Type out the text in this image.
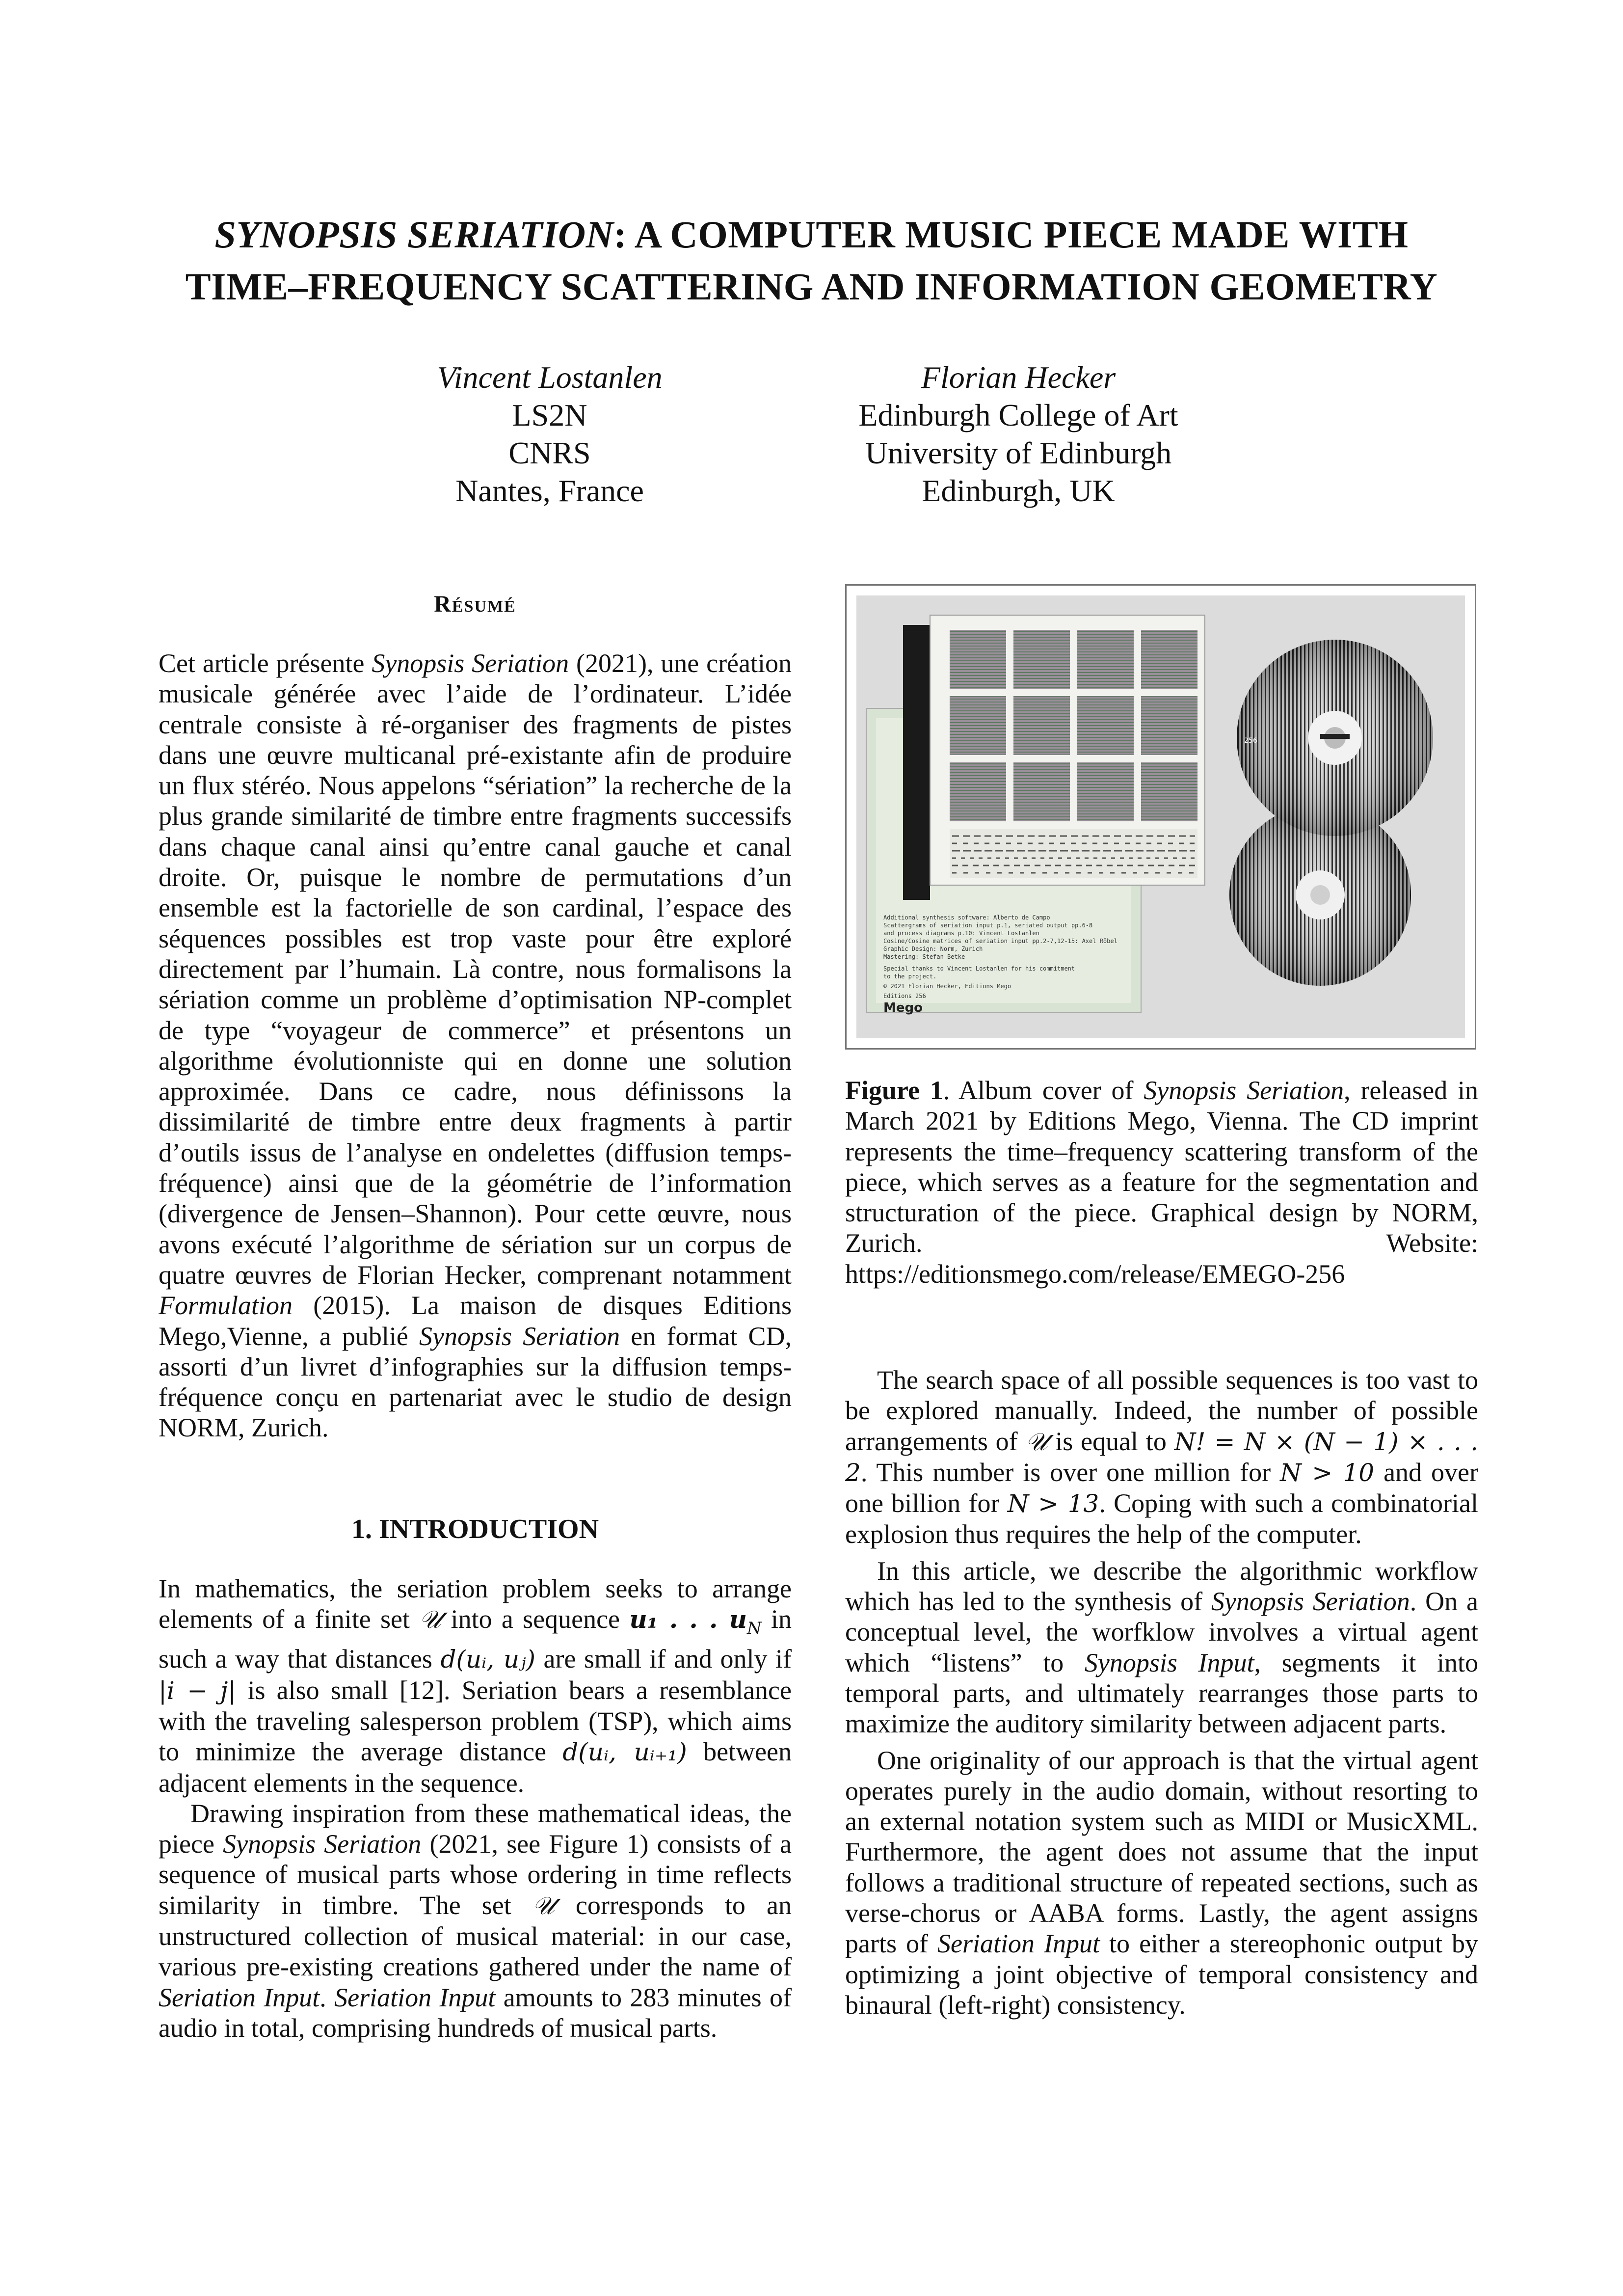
SYNOPSIS SERIATION: A COMPUTER MUSIC PIECE MADE WITH
TIME–FREQUENCY SCATTERING AND INFORMATION GEOMETRY
Vincent Lostanlen
LS2N
CNRS
Nantes, France
Florian Hecker
Edinburgh College of Art
University of Edinburgh
Edinburgh, UK
Résumé

Cet article présente Synopsis Seriation (2021), une création musicale générée avec l’aide de l’ordinateur. L’idée centrale consiste à ré-organiser des fragments de pistes dans une œuvre multicanal pré-existante afin de produire un flux stéréo. Nous appelons “sériation” la recherche de la plus grande similarité de timbre entre fragments successifs dans chaque canal ainsi qu’entre canal gauche et canal droite. Or, puisque le nombre de permutations d’un ensemble est la factorielle de son cardinal, l’espace des séquences possibles est trop vaste pour être exploré directement par l’humain. Là contre, nous formalisons la sériation comme un problème d’optimisation NP-complet de type “voyageur de commerce” et présentons un algorithme évolutionniste qui en donne une solution approximée. Dans ce cadre, nous définissons la dissimilarité de timbre entre deux fragments à partir d’outils issus de l’analyse en ondelettes (diffusion temps-fréquence) ainsi que de la géométrie de l’information (divergence de Jensen–Shannon). Pour cette œuvre, nous avons exécuté l’algorithme de sériation sur un corpus de quatre œuvres de Florian Hecker, comprenant notamment Formulation (2015). La maison de disques Editions Mego,Vienne, a publié Synopsis Seriation en format CD, assorti d’un livret d’infographies sur la diffusion temps-fréquence conçu en partenariat avec le studio de design NORM, Zurich.

1. INTRODUCTION

In mathematics, the seriation problem seeks to arrange elements of a finite set 𝒰 into a sequence u₁ . . . $u_N$ in such a way that distances d(uᵢ, uⱼ) are small if and only if |i − j| is also small [12]. Seriation bears a resemblance with the traveling salesperson problem (TSP), which aims to minimize the average distance d(uᵢ, uᵢ₊₁) between adjacent elements in the sequence.

Drawing inspiration from these mathematical ideas, the piece Synopsis Seriation (2021, see Figure 1) consists of a sequence of musical parts whose ordering in time reflects similarity in timbre. The set 𝒰 corresponds to an unstructured collection of musical material: in our case, various pre-existing creations gathered under the name of Seriation Input. Seriation Input amounts to 283 minutes of audio in total, comprising hundreds of musical parts.

Additional synthesis software: Alberto de Campo
Scattergrams of seriation input p.1, seriated output pp.6-8
and process diagrams p.10: Vincent Lostanlen
Cosine/Cosine matrices of seriation input pp.2-7,12-15: Axel Röbel
Graphic Design: Norm, Zurich
Mastering: Stefan Betke
Special thanks to Vincent Lostanlen for his commitment
to the project.
© 2021 Florian Hecker, Editions Mego
Editions 256
Mego
256
Figure 1. Album cover of Synopsis Seriation, released in March 2021 by Editions Mego, Vienna. The CD imprint represents the time–frequency scattering transform of the piece, which serves as a feature for the segmentation and structuration of the piece. Graphical design by NORM, Zurich. Website: https://editionsmego.com/release/EMEGO-256

The search space of all possible sequences is too vast to be explored manually. Indeed, the number of possible arrangements of 𝒰 is equal to N! = N × (N − 1) × . . . 2. This number is over one million for N > 10 and over one billion for N > 13. Coping with such a combinatorial explosion thus requires the help of the computer.

In this article, we describe the algorithmic workflow which has led to the synthesis of Synopsis Seriation. On a conceptual level, the worfklow involves a virtual agent which “listens” to Synopsis Input, segments it into temporal parts, and ultimately rearranges those parts to maximize the auditory similarity between adjacent parts.

One originality of our approach is that the virtual agent operates purely in the audio domain, without resorting to an external notation system such as MIDI or MusicXML. Furthermore, the agent does not assume that the input follows a traditional structure of repeated sections, such as verse-chorus or AABA forms. Lastly, the agent assigns parts of Seriation Input to either a stereophonic output by optimizing a joint objective of temporal consistency and binaural (left-right) consistency.
